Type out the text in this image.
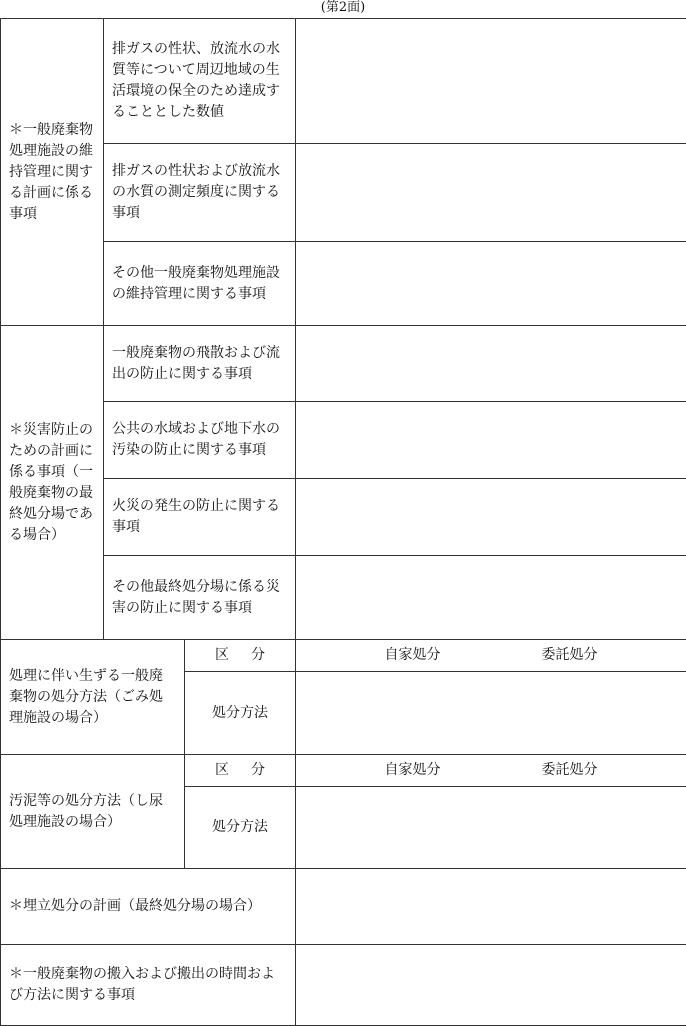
(第2面)
＊一般廃棄物処理施設の維持管理に関する計画に係る事項	排ガスの性状、放流水の水質等について周辺地域の生活環境の保全のため達成することとした数値		
	排ガスの性状および放流水の水質の測定頻度に関する事項		
	その他一般廃棄物処理施設の維持管理に関する事項		
＊災害防止のための計画に係る事項（一般廃棄物の最終処分場である場合）	一般廃棄物の飛散および流出の防止に関する事項		
	公共の水域および地下水の汚染の防止に関する事項		
	火災の発生の防止に関する事項		
	その他最終処分場に係る災害の防止に関する事項		
処理に伴い生ずる一般廃棄物の処分方法（ごみ処理施設の場合）		区 分	自家処分 委託処分

		処分方法	
汚泥等の処分方法（し尿処理施設の場合）		区 分	自家処分 委託処分

		処分方法	
＊埋立処分の計画（最終処分場の場合）			
＊一般廃棄物の搬入および搬出の時間および方法に関する事項			
